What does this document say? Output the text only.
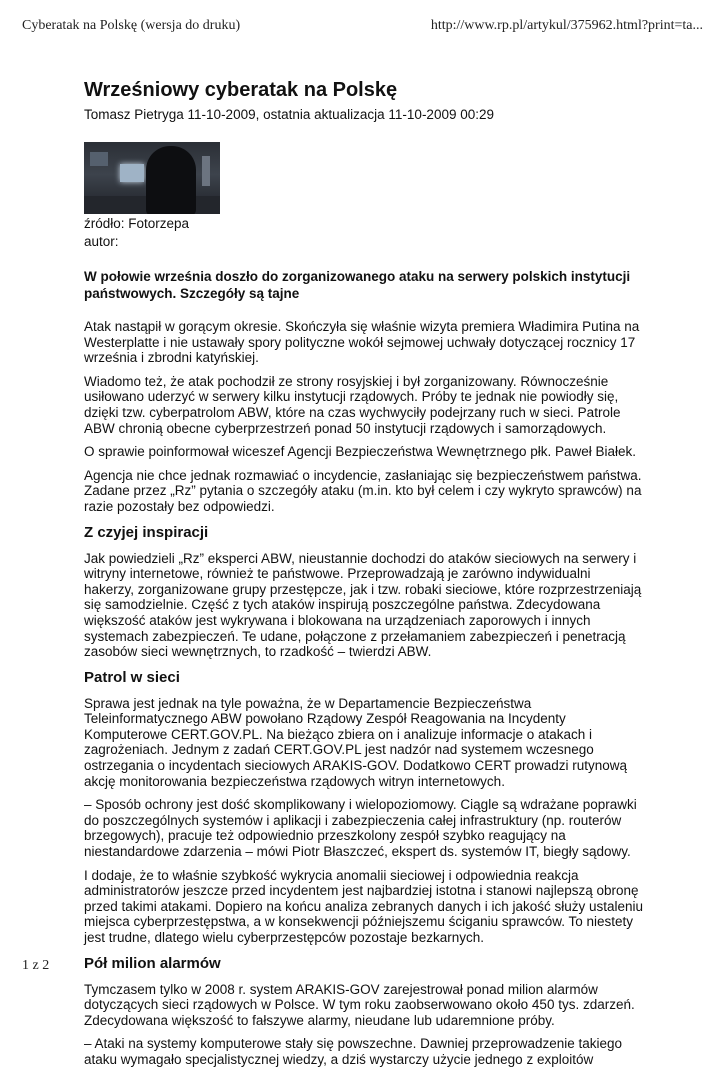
Cyberatak na Polskę (wersja do druku)	http://www.rp.pl/artykul/375962.html?print=ta...
Wrześniowy cyberatak na Polskę
Tomasz Pietryga 11-10-2009, ostatnia aktualizacja 11-10-2009 00:29
źródło: Fotorzepa
autor:
W połowie września doszło do zorganizowanego ataku na serwery polskich instytucji państwowych. Szczegóły są tajne

Atak nastąpił w gorącym okresie. Skończyła się właśnie wizyta premiera Władimira Putina na Westerplatte i nie ustawały spory polityczne wokół sejmowej uchwały dotyczącej rocznicy 17 września i zbrodni katyńskiej.

Wiadomo też, że atak pochodził ze strony rosyjskiej i był zorganizowany. Równocześnie usiłowano uderzyć w serwery kilku instytucji rządowych. Próby te jednak nie powiodły się, dzięki tzw. cyberpatrolom ABW, które na czas wychwyciły podejrzany ruch w sieci. Patrole ABW chronią obecne cyberprzestrzeń ponad 50 instytucji rządowych i samorządowych.

O sprawie poinformował wiceszef Agencji Bezpieczeństwa Wewnętrznego płk. Paweł Białek.

Agencja nie chce jednak rozmawiać o incydencie, zasłaniając się bezpieczeństwem państwa. Zadane przez „Rz” pytania o szczegóły ataku (m.in. kto był celem i czy wykryto sprawców) na razie pozostały bez odpowiedzi.

Z czyjej inspiracji

Jak powiedzieli „Rz” eksperci ABW, nieustannie dochodzi do ataków sieciowych na serwery i witryny internetowe, również te państwowe. Przeprowadzają je zarówno indywidualni hakerzy, zorganizowane grupy przestępcze, jak i tzw. robaki sieciowe, które rozprzestrzeniają się samodzielnie. Część z tych ataków inspirują poszczególne państwa. Zdecydowana większość ataków jest wykrywana i blokowana na urządzeniach zaporowych i innych systemach zabezpieczeń. Te udane, połączone z przełamaniem zabezpieczeń i penetracją zasobów sieci wewnętrznych, to rzadkość – twierdzi ABW.

Patrol w sieci

Sprawa jest jednak na tyle poważna, że w Departamencie Bezpieczeństwa Teleinformatycznego ABW powołano Rządowy Zespół Reagowania na Incydenty Komputerowe CERT.GOV.PL. Na bieżąco zbiera on i analizuje informacje o atakach i zagrożeniach. Jednym z zadań CERT.GOV.PL jest nadzór nad systemem wczesnego ostrzegania o incydentach sieciowych ARAKIS-GOV. Dodatkowo CERT prowadzi rutynową akcję monitorowania bezpieczeństwa rządowych witryn internetowych.

– Sposób ochrony jest dość skomplikowany i wielopoziomowy. Ciągle są wdrażane poprawki do poszczególnych systemów i aplikacji i zabezpieczenia całej infrastruktury (np. routerów brzegowych), pracuje też odpowiednio przeszkolony zespół szybko reagujący na niestandardowe zdarzenia – mówi Piotr Błaszczeć, ekspert ds. systemów IT, biegły sądowy.

I dodaje, że to właśnie szybkość wykrycia anomalii sieciowej i odpowiednia reakcja administratorów jeszcze przed incydentem jest najbardziej istotna i stanowi najlepszą obronę przed takimi atakami. Dopiero na końcu analiza zebranych danych i ich jakość służy ustaleniu miejsca cyberprzestępstwa, a w konsekwencji późniejszemu ściganiu sprawców. To niestety jest trudne, dlatego wielu cyberprzestępców pozostaje bezkarnych.

Pół milion alarmów

Tymczasem tylko w 2008 r. system ARAKIS-GOV zarejestrował ponad milion alarmów dotyczących sieci rządowych w Polsce. W tym roku zaobserwowano około 450 tys. zdarzeń. Zdecydowana większość to fałszywe alarmy, nieudane lub udaremnione próby.

– Ataki na systemy komputerowe stały się powszechne. Dawniej przeprowadzenie takiego ataku wymagało specjalistycznej wiedzy, a dziś wystarczy użycie jednego z exploitów

1 z 2
